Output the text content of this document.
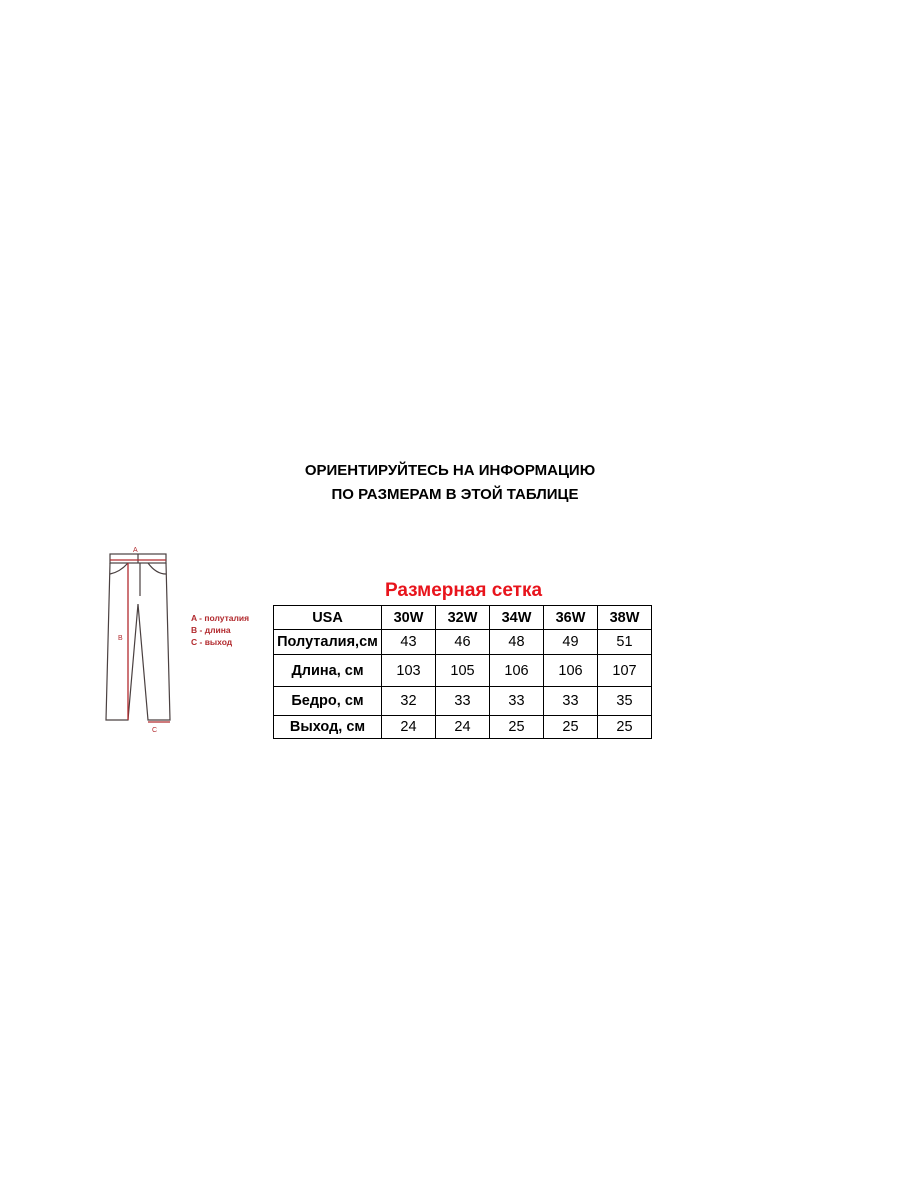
ОРИЕНТИРУЙТЕСЬ НА ИНФОРМАЦИЮ
ПО РАЗМЕРАМ В ЭТОЙ ТАБЛИЦЕ
A
B
C
A - полуталия
B - длина
C - выход
Размерная сетка
USA	30W	32W	34W	36W	38W
Полуталия,см	43	46	48	49	51
Длина, см	103	105	106	106	107
Бедро, см	32	33	33	33	35
Выход, см	24	24	25	25	25
